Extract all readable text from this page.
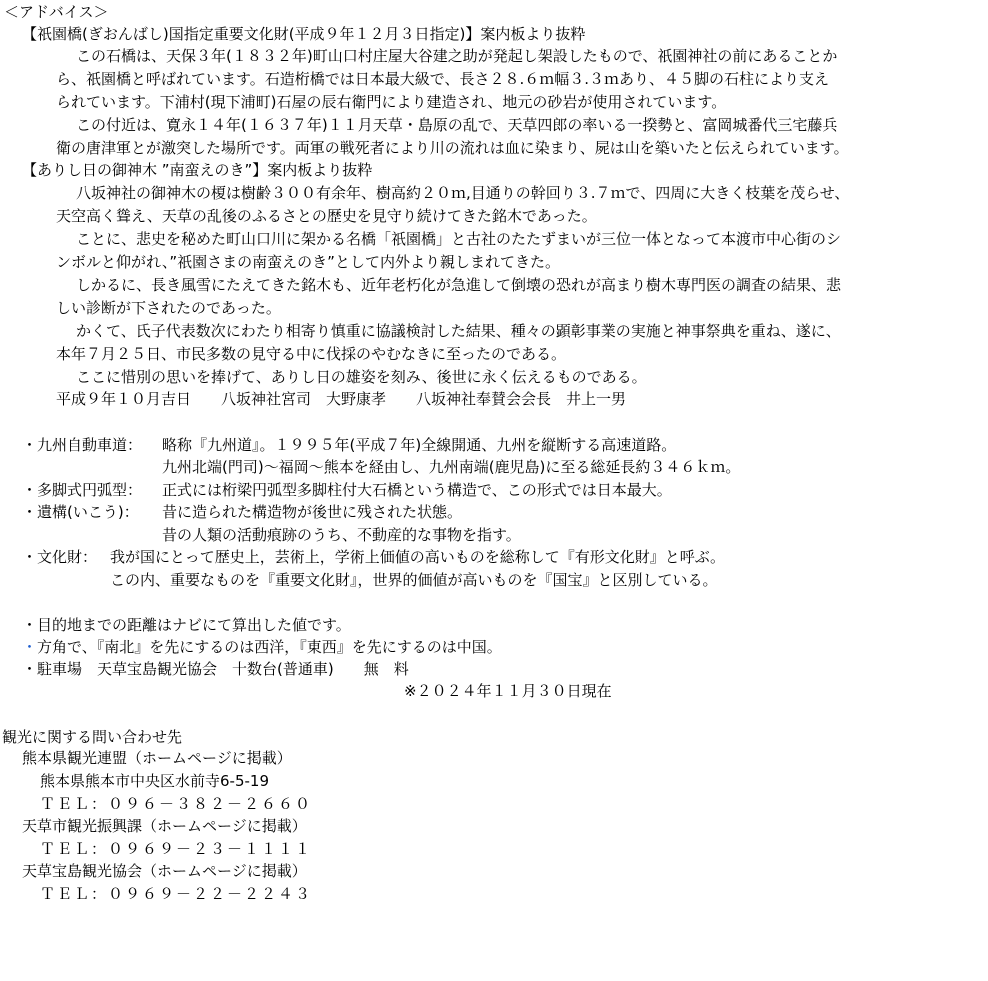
＜アドバイス＞
【祇園橋(ぎおんばし)国指定重要文化財(平成９年１２月３日指定)】案内板より抜粋
この石橋は、天保３年(１８３２年)町山口村庄屋大谷建之助が発起し架設したもので、祇園神社の前にあることか
ら、祇園橋と呼ばれています。石造桁橋では日本最大級で、長さ２８.６ｍ幅３.３ｍあり、４５脚の石柱により支え
られています。下浦村(現下浦町)石屋の辰右衛門により建造され、地元の砂岩が使用されています。
この付近は、寛永１４年(１６３７年)１１月天草・島原の乱で、天草四郎の率いる一揆勢と、富岡城番代三宅藤兵
衛の唐津軍とが激突した場所です。両軍の戦死者により川の流れは血に染まり、屍は山を築いたと伝えられています。
【ありし日の御神木 ”南蛮えのき”】案内板より抜粋
八坂神社の御神木の榎は樹齢３００有余年、樹高約２０ｍ,目通りの幹回り３.７ｍで、四周に大きく枝葉を茂らせ、
天空高く聳え、天草の乱後のふるさとの歴史を見守り続けてきた銘木であった。
ことに、悲史を秘めた町山口川に架かる名橋「祇園橋」と古社のたたずまいが三位一体となって本渡市中心街のシ
ンボルと仰がれ、”祇園さまの南蛮えのき”として内外より親しまれてきた。
しかるに、長き風雪にたえてきた銘木も、近年老朽化が急進して倒壊の恐れが高まり樹木専門医の調査の結果、悲
しい診断が下されたのであった。
かくて、氏子代表数次にわたり相寄り慎重に協議検討した結果、種々の顕彰事業の実施と神事祭典を重ね、遂に、
本年７月２５日、市民多数の見守る中に伐採のやむなきに至ったのである。
ここに惜別の思いを捧げて、ありし日の雄姿を刻み、後世に永く伝えるものである。
平成９年１０月吉日　　八坂神社宮司　大野康孝　　八坂神社奉賛会会長　井上一男
・九州自動車道： 略称『九州道』。１９９５年(平成７年)全線開通、九州を縦断する高速道路。
九州北端(門司)～福岡～熊本を経由し、九州南端(鹿児島)に至る総延長約３４６ｋｍ。
・多脚式円弧型： 正式には桁梁円弧型多脚柱付大石橋という構造で、この形式では日本最大。
・遺構(いこう)： 昔に造られた構造物が後世に残された状態。
昔の人類の活動痕跡のうち、不動産的な事物を指す。
・文化財： 我が国にとって歴史上，芸術上，学術上価値の高いものを総称して『有形文化財』と呼ぶ。
この内、重要なものを『重要文化財』，世界的価値が高いものを『国宝』と区別している。
・目的地までの距離はナビにて算出した値です。
・方角で、『南北』を先にするのは西洋，『東西』を先にするのは中国。
・駐車場　天草宝島観光協会　十数台(普通車)　　無　料
※２０２４年１１月３０日現在
観光に関する問い合わせ先
熊本県観光連盟（ホームページに掲載）
熊本県熊本市中央区水前寺6-5-19
ＴＥＬ：０９６－３８２－２６６０
天草市観光振興課（ホームページに掲載）
ＴＥＬ：０９６９－２３－１１１１
天草宝島観光協会（ホームページに掲載）
ＴＥＬ：０９６９－２２－２２４３
